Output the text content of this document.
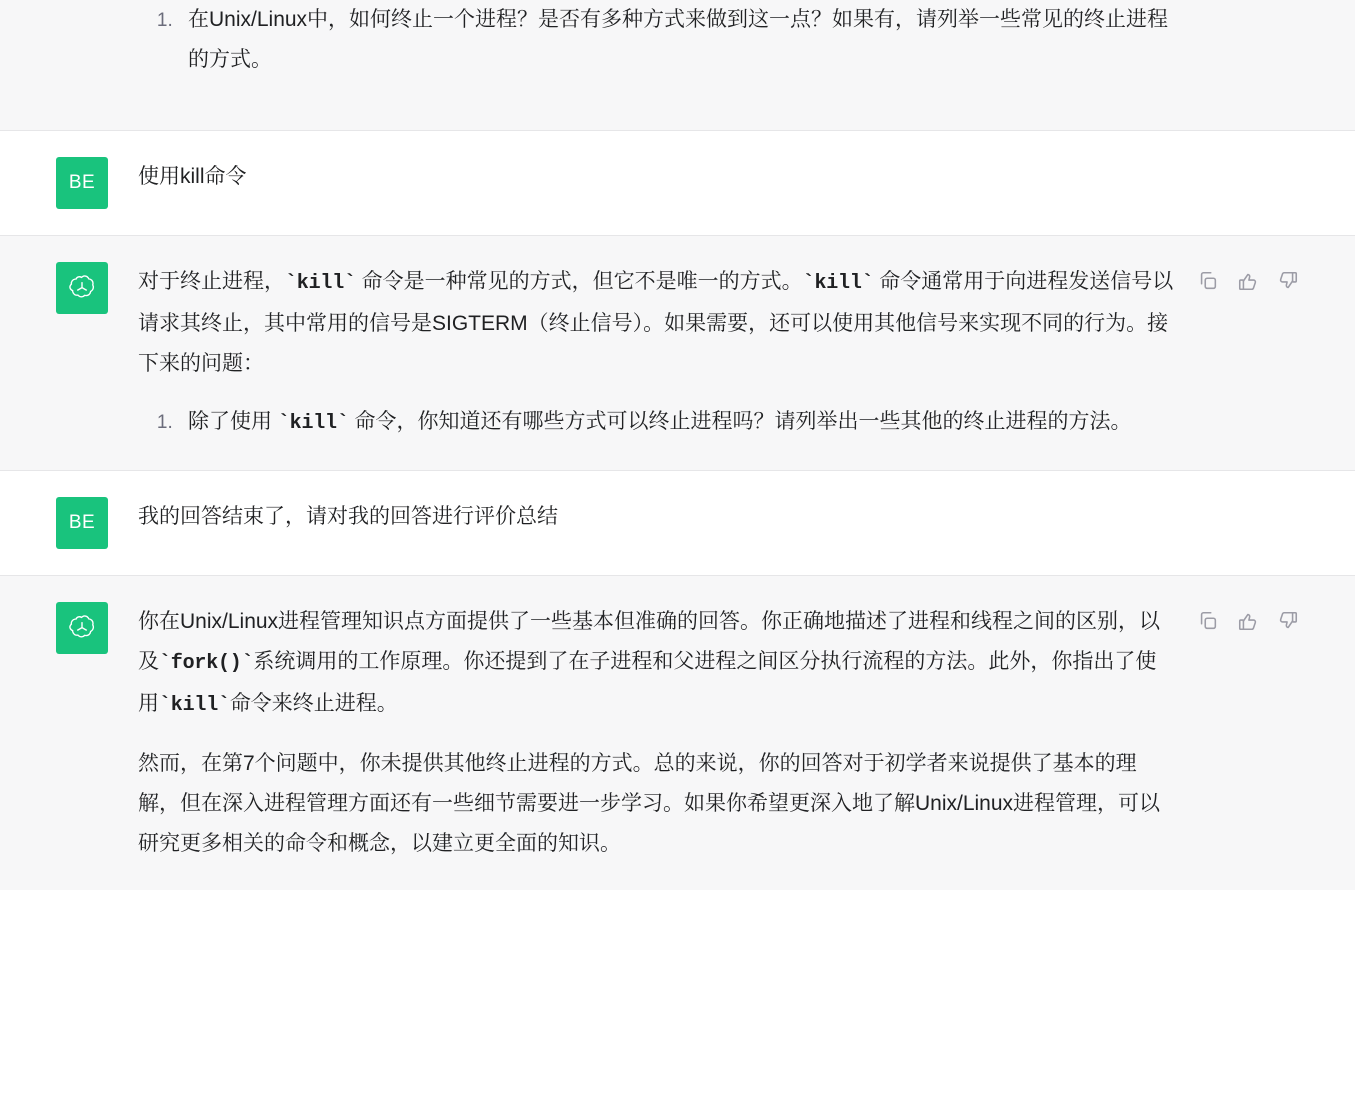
1. 在Unix/Linux中，如何终止一个进程？是否有多种方式来做到这一点？如果有，请列举一些常见的终止进程的方式。
BE 使用kill命令

对于终止进程，`kill` 命令是一种常见的方式，但它不是唯一的方式。`kill` 命令通常用于向进程发送信号以请求其终止，其中常用的信号是SIGTERM（终止信号）。如果需要，还可以使用其他信号来实现不同的行为。接下来的问题：

1. 除了使用 `kill` 命令，你知道还有哪些方式可以终止进程吗？请列举出一些其他的终止进程的方法。
BE 我的回答结束了，请对我的回答进行评价总结

你在Unix/Linux进程管理知识点方面提供了一些基本但准确的回答。你正确地描述了进程和线程之间的区别，以及`fork()`系统调用的工作原理。你还提到了在子进程和父进程之间区分执行流程的方法。此外，你指出了使用`kill`命令来终止进程。

然而，在第7个问题中，你未提供其他终止进程的方式。总的来说，你的回答对于初学者来说提供了基本的理解，但在深入进程管理方面还有一些细节需要进一步学习。如果你希望更深入地了解Unix/Linux进程管理，可以研究更多相关的命令和概念，以建立更全面的知识。
